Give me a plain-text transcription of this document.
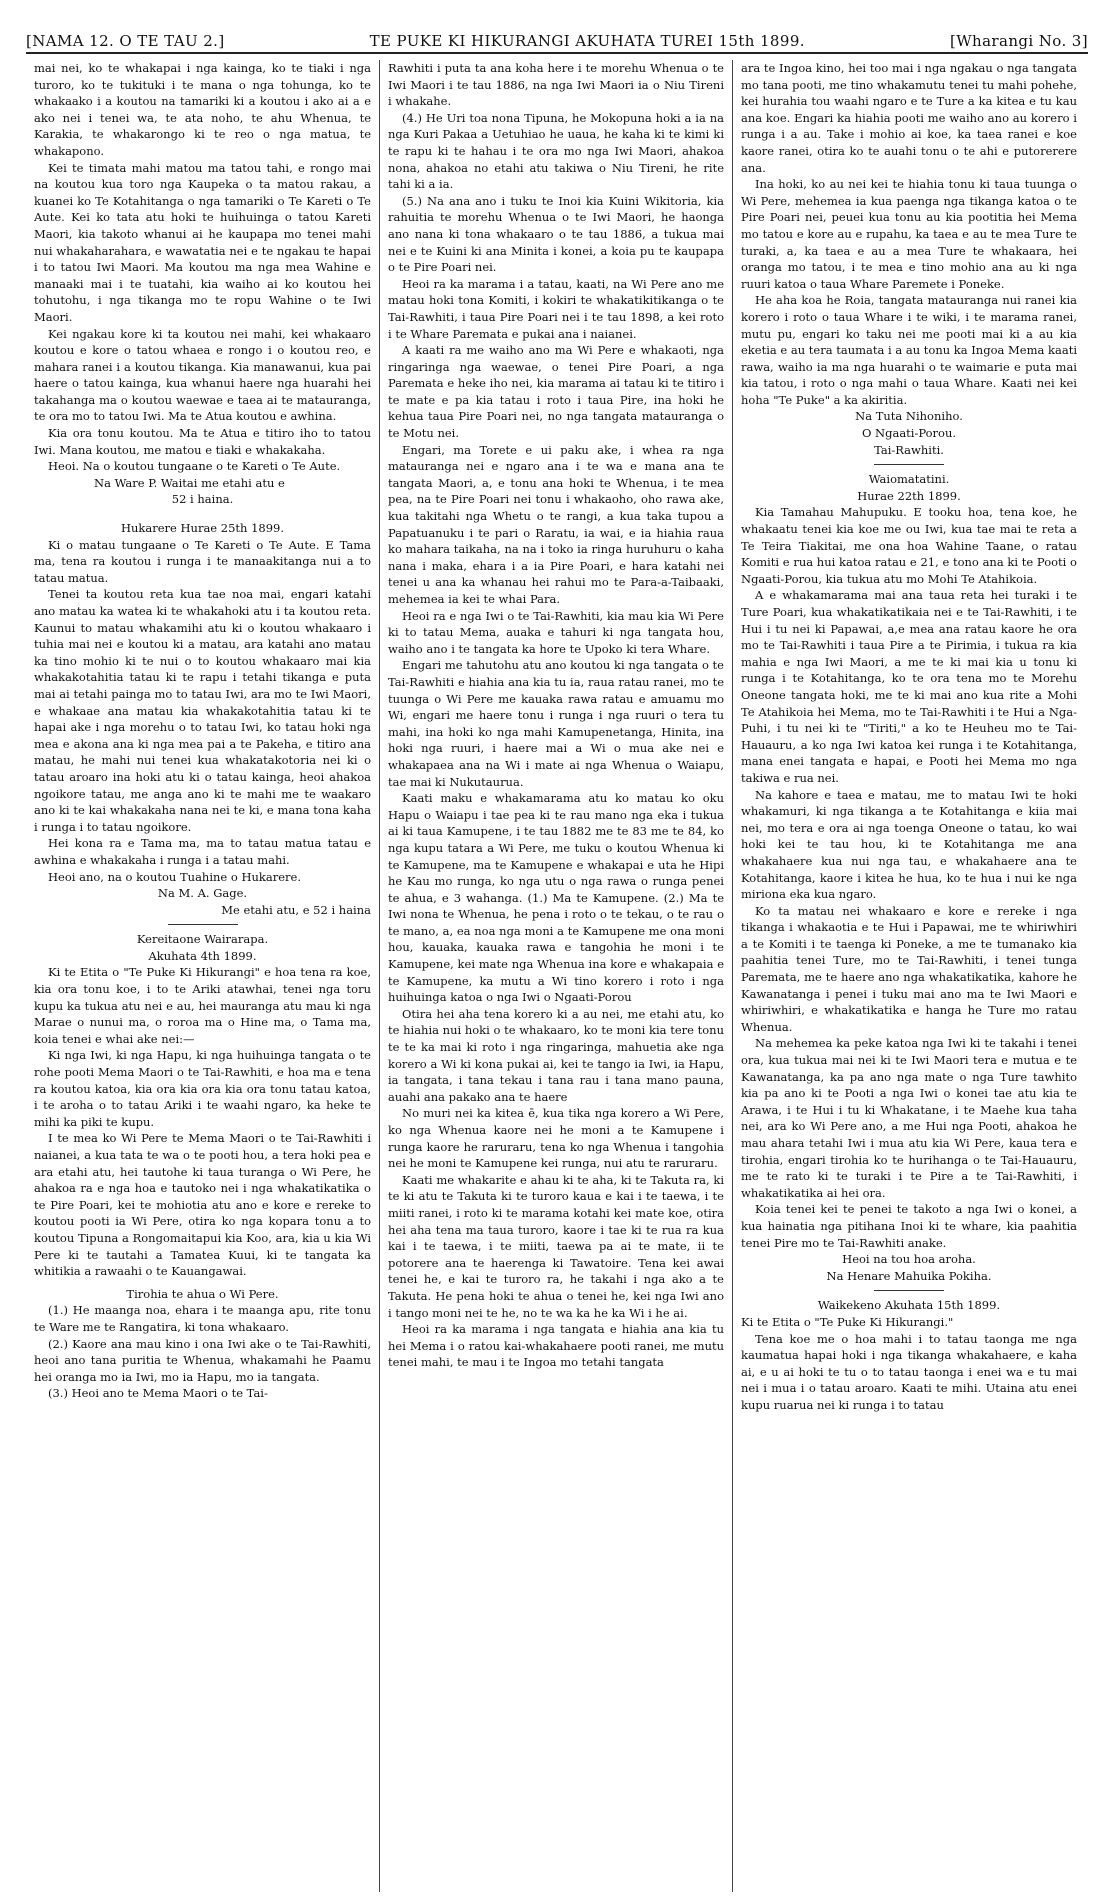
[NAMA 12. O TE TAU 2.]	TE PUKE KI HIKURANGI AKUHATA TUREI 15th 1899.	[Wharangi No. 3]

mai nei, ko te whakapai i nga kainga, ko te tiaki i nga turoro, ko te tukituki i te mana o nga tohunga, ko te whakaako i a koutou na tamariki ki a koutou i ako ai a e ako nei i tenei wa, te ata noho, te ahu Whenua, te Karakia, te whakarongo ki te reo o nga matua, te whakapono.

Kei te timata mahi matou ma tatou tahi, e rongo mai na koutou kua toro nga Kaupeka o ta matou rakau, a kuanei ko Te Kotahitanga o nga tamariki o Te Kareti o Te Aute. Kei ko tata atu hoki te huihuinga o tatou Kareti Maori, kia takoto whanui ai he kaupapa mo tenei mahi nui whakaharahara, e wawatatia nei e te ngakau te hapai i to tatou Iwi Maori. Ma koutou ma nga mea Wahine e manaaki mai i te tuatahi, kia waiho ai ko koutou hei tohutohu, i nga tikanga mo te ropu Wahine o te Iwi Maori.

Kei ngakau kore ki ta koutou nei mahi, kei whakaaro koutou e kore o tatou whaea e rongo i o koutou reo, e mahara ranei i a koutou tikanga. Kia manawanui, kua pai haere o tatou kainga, kua whanui haere nga huarahi hei takahanga ma o koutou waewae e taea ai te matauranga, te ora mo to tatou Iwi. Ma te Atua koutou e awhina.

Kia ora tonu koutou. Ma te Atua e titiro iho to tatou Iwi. Mana koutou, me matou e tiaki e whakakaha.

Heoi. Na o koutou tungaane o te Kareti o Te Aute.

Na Ware P. Waitai me etahi atu e

52 i haina.

Hukarere Hurae 25th 1899.

Ki o matau tungaane o Te Kareti o Te Aute. E Tama ma, tena ra koutou i runga i te manaakitanga nui a to tatau matua.

Tenei ta koutou reta kua tae noa mai, engari katahi ano matau ka watea ki te whakahoki atu i ta koutou reta. Kaunui to matau whakamihi atu ki o koutou whakaaro i tuhia mai nei e koutou ki a matau, ara katahi ano matau ka tino mohio ki te nui o to koutou whakaaro mai kia whakakotahitia tatau ki te rapu i tetahi tikanga e puta mai ai tetahi painga mo to tatau Iwi, ara mo te Iwi Maori, e whakaae ana matau kia whakakotahitia tatau ki te hapai ake i nga morehu o to tatau Iwi, ko tatau hoki nga mea e akona ana ki nga mea pai a te Pakeha, e titiro ana matau, he mahi nui tenei kua whakatakotoria nei ki o tatau aroaro ina hoki atu ki o tatau kainga, heoi ahakoa ngoikore tatau, me anga ano ki te mahi me te waakaro ano ki te kai whakakaha nana nei te ki, e mana tona kaha i runga i to tatau ngoikore.

Hei kona ra e Tama ma, ma to tatau matua tatau e awhina e whakakaha i runga i a tatau mahi.

Heoi ano, na o koutou Tuahine o Hukarere.

Na M. A. Gage.

Me etahi atu, e 52 i haina

Kereitaone Wairarapa.

Akuhata 4th 1899.

Ki te Etita o "Te Puke Ki Hikurangi" e hoa tena ra koe, kia ora tonu koe, i to te Ariki atawhai, tenei nga toru kupu ka tukua atu nei e au, hei mauranga atu mau ki nga Marae o nunui ma, o roroa ma o Hine ma, o Tama ma, koia tenei e whai ake nei:—

Ki nga Iwi, ki nga Hapu, ki nga huihuinga tangata o te rohe pooti Mema Maori o te Tai-Rawhiti, e hoa ma e tena ra koutou katoa, kia ora kia ora kia ora tonu tatau katoa, i te aroha o to tatau Ariki i te waahi ngaro, ka heke te mihi ka piki te kupu.

I te mea ko Wi Pere te Mema Maori o te Tai-Rawhiti i naianei, a kua tata te wa o te pooti hou, a tera hoki pea e ara etahi atu, hei tautohe ki taua turanga o Wi Pere, he ahakoa ra e nga hoa e tautoko nei i nga whakatikatika o te Pire Poari, kei te mohiotia atu ano e kore e rereke to koutou pooti ia Wi Pere, otira ko nga kopara tonu a to koutou Tipuna a Rongomaitapui kia Koo, ara, kia u kia Wi Pere ki te tautahi a Tamatea Kuui, ki te tangata ka whitikia a rawaahi o te Kauangawai.

Tirohia te ahua o Wi Pere.

(1.) He maanga noa, ehara i te maanga apu, rite tonu te Ware me te Rangatira, ki tona whakaaro.

(2.) Kaore ana mau kino i ona Iwi ake o te Tai-Rawhiti, heoi ano tana puritia te Whenua, whakamahi he Paamu hei oranga mo ia Iwi, mo ia Hapu, mo ia tangata.

(3.) Heoi ano te Mema Maori o te Tai-

Rawhiti i puta ta ana koha here i te morehu Whenua o te Iwi Maori i te tau 1886, na nga Iwi Maori ia o Niu Tireni i whakahe.

(4.) He Uri toa nona Tipuna, he Mokopuna hoki a ia na nga Kuri Pakaa a Uetuhiao he uaua, he kaha ki te kimi ki te rapu ki te hahau i te ora mo nga Iwi Maori, ahakoa nona, ahakoa no etahi atu takiwa o Niu Tireni, he rite tahi ki a ia.

(5.) Na ana ano i tuku te Inoi kia Kuini Wikitoria, kia rahuitia te morehu Whenua o te Iwi Maori, he haonga ano nana ki tona whakaaro o te tau 1886, a tukua mai nei e te Kuini ki ana Minita i konei, a koia pu te kaupapa o te Pire Poari nei.

Heoi ra ka marama i a tatau, kaati, na Wi Pere ano me matau hoki tona Komiti, i kokiri te whakatikitikanga o te Tai-Rawhiti, i taua Pire Poari nei i te tau 1898, a kei roto i te Whare Paremata e pukai ana i naianei.

A kaati ra me waiho ano ma Wi Pere e whakaoti, nga ringaringa nga waewae, o tenei Pire Poari, a nga Paremata e heke iho nei, kia marama ai tatau ki te titiro i te mate e pa kia tatau i roto i taua Pire, ina hoki he kehua taua Pire Poari nei, no nga tangata matauranga o te Motu nei.

Engari, ma Torete e ui paku ake, i whea ra nga matauranga nei e ngaro ana i te wa e mana ana te tangata Maori, a, e tonu ana hoki te Whenua, i te mea pea, na te Pire Poari nei tonu i whakaoho, oho rawa ake, kua takitahi nga Whetu o te rangi, a kua taka tupou a Papatuanuku i te pari o Raratu, ia wai, e ia hiahia raua ko mahara taikaha, na na i toko ia ringa huruhuru o kaha nana i maka, ehara i a ia Pire Poari, e hara katahi nei tenei u ana ka whanau hei rahui mo te Para-a-Taibaaki, mehemea ia kei te whai Para.

Heoi ra e nga Iwi o te Tai-Rawhiti, kia mau kia Wi Pere ki to tatau Mema, auaka e tahuri ki nga tangata hou, waiho ano i te tangata ka hore te Upoko ki tera Whare.

Engari me tahutohu atu ano koutou ki nga tangata o te Tai-Rawhiti e hiahia ana kia tu ia, raua ratau ranei, mo te tuunga o Wi Pere me kauaka rawa ratau e amuamu mo Wi, engari me haere tonu i runga i nga ruuri o tera tu mahi, ina hoki ko nga mahi Kamupenetanga, Hinita, ina hoki nga ruuri, i haere mai a Wi o mua ake nei e whakapaea ana na Wi i mate ai nga Whenua o Waiapu, tae mai ki Nukutaurua.

Kaati maku e whakamarama atu ko matau ko oku Hapu o Waiapu i tae pea ki te rau mano nga eka i tukua ai ki taua Kamupene, i te tau 1882 me te 83 me te 84, ko nga kupu tatara a Wi Pere, me tuku o koutou Whenua ki te Kamupene, ma te Kamupene e whakapai e uta he Hipi he Kau mo runga, ko nga utu o nga rawa o runga penei te ahua, e 3 wahanga. (1.) Ma te Kamupene. (2.) Ma te Iwi nona te Whenua, he pena i roto o te tekau, o te rau o te mano, a, ea noa nga moni a te Kamupene me ona moni hou, kauaka, kauaka rawa e tangohia he moni i te Kamupene, kei mate nga Whenua ina kore e whakapaia e te Kamupene, ka mutu a Wi tino korero i roto i nga huihuinga katoa o nga Iwi o Ngaati-Porou

Otira hei aha tena korero ki a au nei, me etahi atu, ko te hiahia nui hoki o te whakaaro, ko te moni kia tere tonu te te ka mai ki roto i nga ringaringa, mahuetia ake nga korero a Wi ki kona pukai ai, kei te tango ia Iwi, ia Hapu, ia tangata, i tana tekau i tana rau i tana mano pauna, auahi ana pakako ana te haere

No muri nei ka kitea ē, kua tika nga korero a Wi Pere, ko nga Whenua kaore nei he moni a te Kamupene i runga kaore he raruraru, tena ko nga Whenua i tangohia nei he moni te Kamupene kei runga, nui atu te raruraru.

Kaati me whakarite e ahau ki te aha, ki te Takuta ra, ki te ki atu te Takuta ki te turoro kaua e kai i te taewa, i te miiti ranei, i roto ki te marama kotahi kei mate koe, otira hei aha tena ma taua turoro, kaore i tae ki te rua ra kua kai i te taewa, i te miiti, taewa pa ai te mate, ii te potorere ana te haerenga ki Tawatoire. Tena kei awai tenei he, e kai te turoro ra, he takahi i nga ako a te Takuta. He pena hoki te ahua o tenei he, kei nga Iwi ano i tango moni nei te he, no te wa ka he ka Wi i he ai.

Heoi ra ka marama i nga tangata e hiahia ana kia tu hei Mema i o ratou kai-whakahaere pooti ranei, me mutu tenei mahi, te mau i te Ingoa mo tetahi tangata

ara te Ingoa kino, hei too mai i nga ngakau o nga tangata mo tana pooti, me tino whakamutu tenei tu mahi pohehe, kei hurahia tou waahi ngaro e te Ture a ka kitea e tu kau ana koe. Engari ka hiahia pooti me waiho ano au korero i runga i a au. Take i mohio ai koe, ka taea ranei e koe kaore ranei, otira ko te auahi tonu o te ahi e putorerere ana.

Ina hoki, ko au nei kei te hiahia tonu ki taua tuunga o Wi Pere, mehemea ia kua paenga nga tikanga katoa o te Pire Poari nei, peuei kua tonu au kia pootitia hei Mema mo tatou e kore au e rupahu, ka taea e au te mea Ture te turaki, a, ka taea e au a mea Ture te whakaara, hei oranga mo tatou, i te mea e tino mohio ana au ki nga ruuri katoa o taua Whare Paremete i Poneke.

He aha koa he Roia, tangata matauranga nui ranei kia korero i roto o taua Whare i te wiki, i te marama ranei, mutu pu, engari ko taku nei me pooti mai ki a au kia eketia e au tera taumata i a au tonu ka Ingoa Mema kaati rawa, waiho ia ma nga huarahi o te waimarie e puta mai kia tatou, i roto o nga mahi o taua Whare. Kaati nei kei hoha "Te Puke" a ka akiritia.

Na Tuta Nihoniho.

O Ngaati-Porou.

Tai-Rawhiti.

Waiomatatini.

Hurae 22th 1899.

Kia Tamahau Mahupuku. E tooku hoa, tena koe, he whakaatu tenei kia koe me ou Iwi, kua tae mai te reta a Te Teira Tiakitai, me ona hoa Wahine Taane, o ratau Komiti e rua hui katoa ratau e 21, e tono ana ki te Pooti o Ngaati-Porou, kia tukua atu mo Mohi Te Atahikoia.

A e whakamarama mai ana taua reta hei turaki i te Ture Poari, kua whakatikatikaia nei e te Tai-Rawhiti, i te Hui i tu nei ki Papawai, a,e mea ana ratau kaore he ora mo te Tai-Rawhiti i taua Pire a te Pirimia, i tukua ra kia mahia e nga Iwi Maori, a me te ki mai kia u tonu ki runga i te Kotahitanga, ko te ora tena mo te Morehu Oneone tangata hoki, me te ki mai ano kua rite a Mohi Te Atahikoia hei Mema, mo te Tai-Rawhiti i te Hui a Nga-Puhi, i tu nei ki te "Tiriti," a ko te Heuheu mo te Tai-Hauauru, a ko nga Iwi katoa kei runga i te Kotahitanga, mana enei tangata e hapai, e Pooti hei Mema mo nga takiwa e rua nei.

Na kahore e taea e matau, me to matau Iwi te hoki whakamuri, ki nga tikanga a te Kotahitanga e kiia mai nei, mo tera e ora ai nga toenga Oneone o tatau, ko wai hoki kei te tau hou, ki te Kotahitanga me ana whakahaere kua nui nga tau, e whakahaere ana te Kotahitanga, kaore i kitea he hua, ko te hua i nui ke nga miriona eka kua ngaro.

Ko ta matau nei whakaaro e kore e rereke i nga tikanga i whakaotia e te Hui i Papawai, me te whiriwhiri a te Komiti i te taenga ki Poneke, a me te tumanako kia paahitia tenei Ture, mo te Tai-Rawhiti, i tenei tunga Paremata, me te haere ano nga whakatikatika, kahore he Kawanatanga i penei i tuku mai ano ma te Iwi Maori e whiriwhiri, e whakatikatika e hanga he Ture mo ratau Whenua.

Na mehemea ka peke katoa nga Iwi ki te takahi i tenei ora, kua tukua mai nei ki te Iwi Maori tera e mutua e te Kawanatanga, ka pa ano nga mate o nga Ture tawhito kia pa ano ki te Pooti a nga Iwi o konei tae atu kia te Arawa, i te Hui i tu ki Whakatane, i te Maehe kua taha nei, ara ko Wi Pere ano, a me Hui nga Pooti, ahakoa he mau ahara tetahi Iwi i mua atu kia Wi Pere, kaua tera e tirohia, engari tirohia ko te hurihanga o te Tai-Hauauru, me te rato ki te turaki i te Pire a te Tai-Rawhiti, i whakatikatika ai hei ora.

Koia tenei kei te penei te takoto a nga Iwi o konei, a kua hainatia nga pitihana Inoi ki te whare, kia paahitia tenei Pire mo te Tai-Rawhiti anake.

Heoi na tou hoa aroha.

Na Henare Mahuika Pokiha.

Waikekeno Akuhata 15th 1899.

Ki te Etita o "Te Puke Ki Hikurangi."

Tena koe me o hoa mahi i to tatau taonga me nga kaumatua hapai hoki i nga tikanga whakahaere, e kaha ai, e u ai hoki te tu o to tatau taonga i enei wa e tu mai nei i mua i o tatau aroaro. Kaati te mihi. Utaina atu enei kupu ruarua nei ki runga i to tatau
